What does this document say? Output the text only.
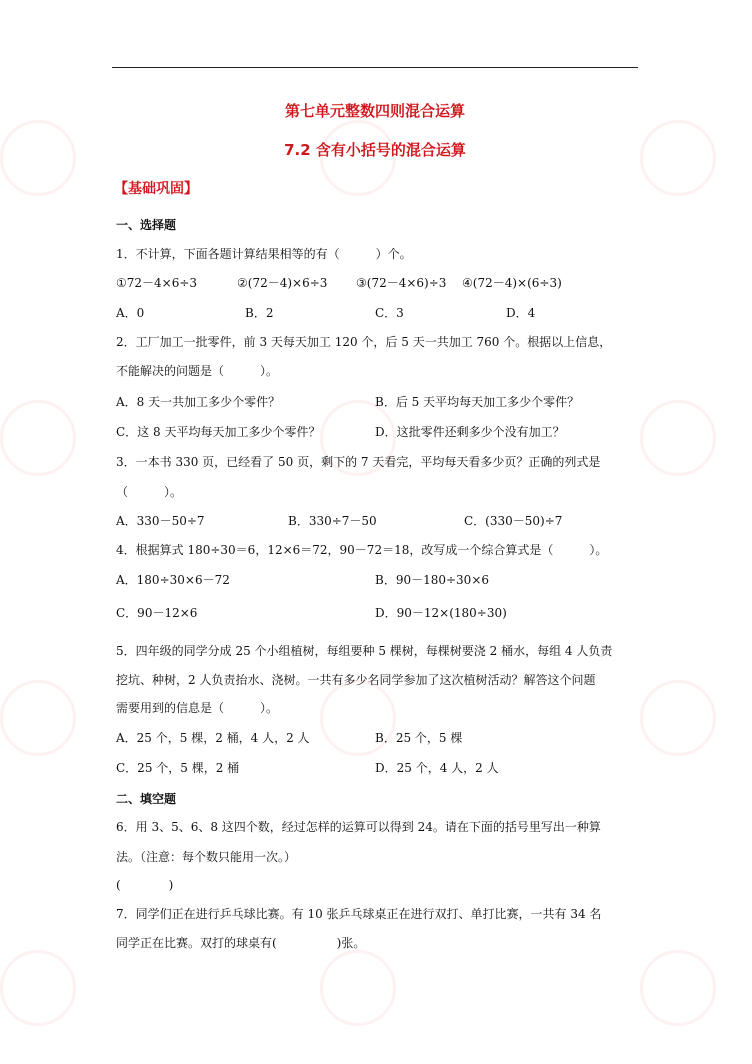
第七单元整数四则混合运算
7.2 含有小括号的混合运算
【基础巩固】
一、选择题
1．不计算，下面各题计算结果相等的有（　　　）个。
①72－4×6÷3	②(72－4)×6÷3 ③(72－4×6)÷3 ④(72－4)×(6÷3)
A．0	B．2	C．3	D．4
2．工厂加工一批零件，前 3 天每天加工 120 个，后 5 天一共加工 760 个。根据以上信息，
不能解决的问题是（　　　）。
A．8 天一共加工多少个零件？	B．后 5 天平均每天加工多少个零件？
C．这 8 天平均每天加工多少个零件？	D．这批零件还剩多少个没有加工？
3．一本书 330 页，已经看了 50 页，剩下的 7 天看完，平均每天看多少页？正确的列式是
（　　　）。
A．330－50÷7	B．330÷7－50	C．(330－50)÷7
4．根据算式 180÷30＝6，12×6＝72，90－72＝18，改写成一个综合算式是（　　　）。
A．180÷30×6－72	B．90－180÷30×6
C．90－12×6	D．90－12×(180÷30)
5．四年级的同学分成 25 个小组植树，每组要种 5 棵树，每棵树要浇 2 桶水，每组 4 人负责
挖坑、种树，2 人负责抬水、浇树。一共有多少名同学参加了这次植树活动？解答这个问题
需要用到的信息是（　　　）。
A．25 个，5 棵，2 桶，4 人，2 人	B．25 个，5 棵
C．25 个，5 棵，2 桶	D．25 个，4 人，2 人
二、填空题
6．用 3、5、6、8 这四个数，经过怎样的运算可以得到 24。请在下面的括号里写出一种算
法。（注意：每个数只能用一次。）
(　　　　)
7．同学们正在进行乒乓球比赛。有 10 张乒乓球桌正在进行双打、单打比赛，一共有 34 名
同学正在比赛。双打的球桌有(　　　　　)张。
